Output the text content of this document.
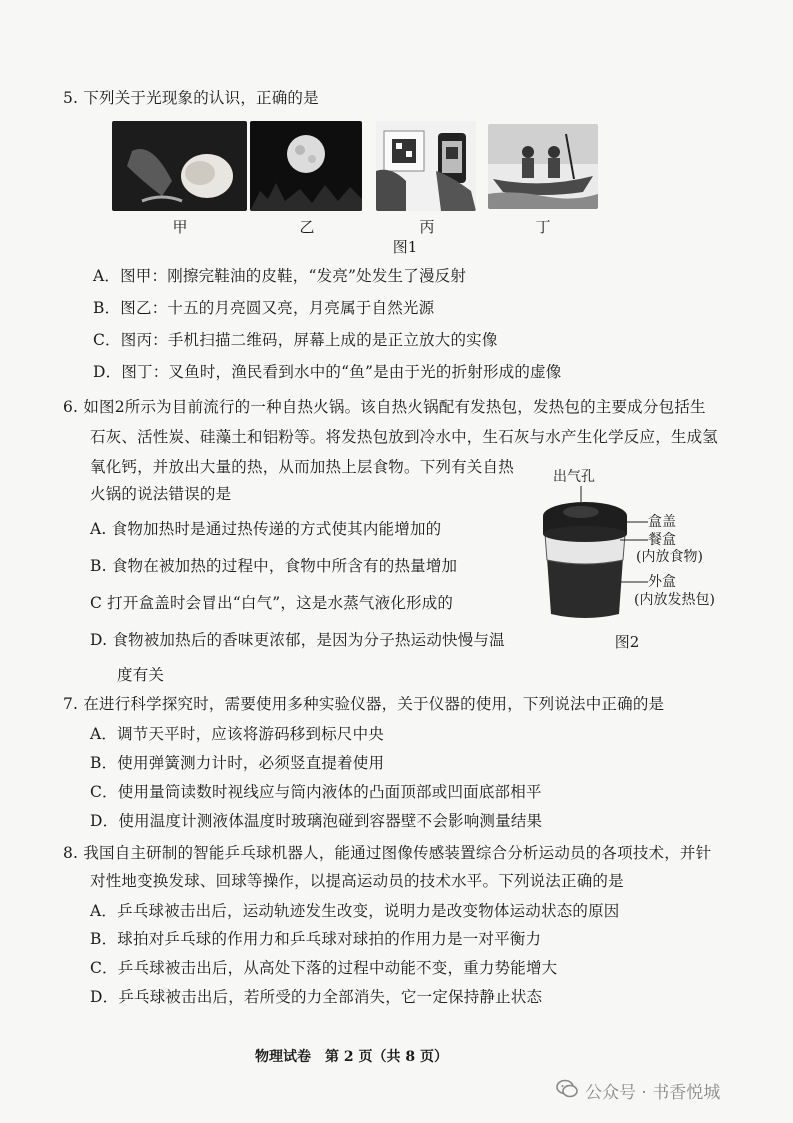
5. 下列关于光现象的认识，正确的是
甲	乙	丙	丁
图1
A．图甲：刚擦完鞋油的皮鞋，“发亮”处发生了漫反射
B．图乙：十五的月亮圆又亮，月亮属于自然光源
C．图丙：手机扫描二维码，屏幕上成的是正立放大的实像
D．图丁：叉鱼时，渔民看到水中的“鱼”是由于光的折射形成的虚像
6. 如图2所示为目前流行的一种自热火锅。该自热火锅配有发热包，发热包的主要成分包括生
石灰、活性炭、硅藻土和铝粉等。将发热包放到冷水中，生石灰与水产生化学反应，生成氢
氧化钙，并放出大量的热，从而加热上层食物。下列有关自热
火锅的说法错误的是
A. 食物加热时是通过热传递的方式使其内能增加的
B. 食物在被加热的过程中，食物中所含有的热量增加
C 打开盒盖时会冒出“白气”，这是水蒸气液化形成的
D. 食物被加热后的香味更浓郁，是因为分子热运动快慢与温
度有关
出气孔
盒盖
餐盒
(内放食物)
外盒
(内放发热包)
图2
7. 在进行科学探究时，需要使用多种实验仪器，关于仪器的使用，下列说法中正确的是
A．调节天平时，应该将游码移到标尺中央
B．使用弹簧测力计时，必须竖直提着使用
C．使用量筒读数时视线应与筒内液体的凸面顶部或凹面底部相平
D．使用温度计测液体温度时玻璃泡碰到容器壁不会影响测量结果
8. 我国自主研制的智能乒乓球机器人，能通过图像传感装置综合分析运动员的各项技术，并针
对性地变换发球、回球等操作，以提高运动员的技术水平。下列说法正确的是
A．乒乓球被击出后，运动轨迹发生改变，说明力是改变物体运动状态的原因
B．球拍对乒乓球的作用力和乒乓球对球拍的作用力是一对平衡力
C．乒乓球被击出后，从高处下落的过程中动能不变，重力势能增大
D．乒乓球被击出后，若所受的力全部消失，它一定保持静止状态
物理试卷　第 2 页（共 8 页）
公众号 · 书香悦城
